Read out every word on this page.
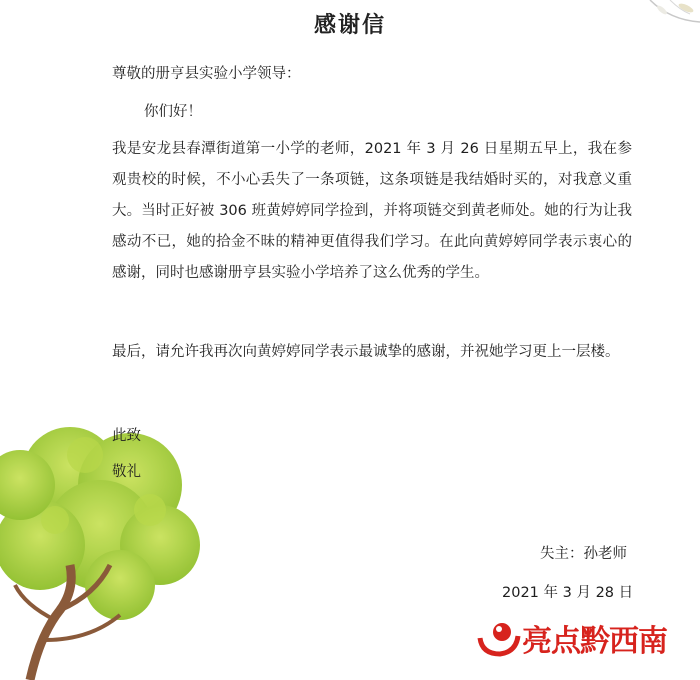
感谢信
尊敬的册亨县实验小学领导：
你们好！
我是安龙县春潭街道第一小学的老师，2021 年 3 月 26 日星期五早上，我在参观贵校的时候，不小心丢失了一条项链，这条项链是我结婚时买的，对我意义重大。当时正好被 306 班黄婷婷同学捡到，并将项链交到黄老师处。她的行为让我感动不已，她的拾金不昧的精神更值得我们学习。在此向黄婷婷同学表示衷心的感谢，同时也感谢册亨县实验小学培养了这么优秀的学生。
最后，请允许我再次向黄婷婷同学表示最诚挚的感谢，并祝她学习更上一层楼。
此致
敬礼
失主：孙老师
2021 年 3 月 28 日
亮点黔西南
